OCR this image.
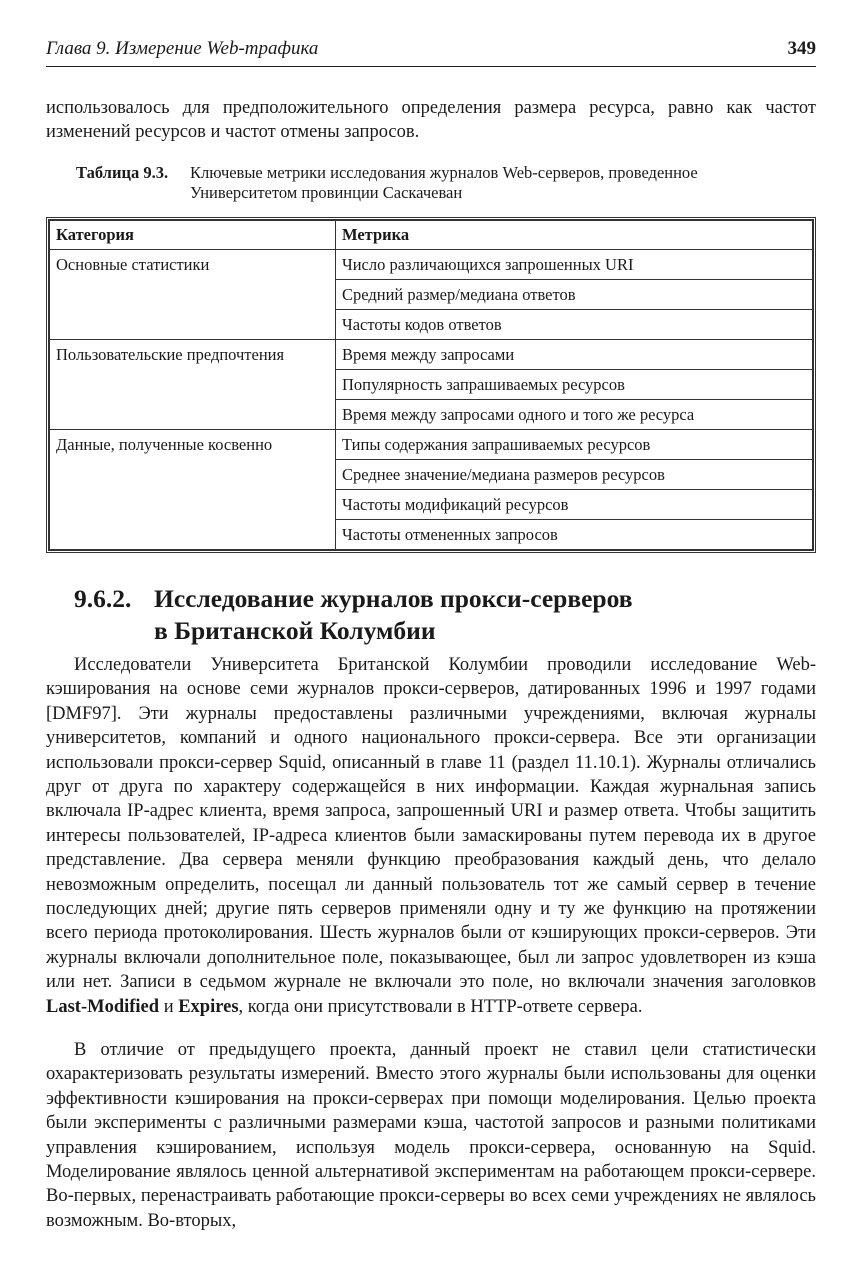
Глава 9. Измерение Web-трафика	349
использовалось для предположительного определения размера ресурса, равно как частот изменений ресурсов и частот отмены запросов.
Таблица 9.3. Ключевые метрики исследования журналов Web-серверов, проведенное Университетом провинции Саскачеван
Категория	Метрика
Основные статистики	Число различающихся запрошенных URI
	Средний размер/медиана ответов
	Частоты кодов ответов
Пользовательские предпочтения	Время между запросами
	Популярность запрашиваемых ресурсов
	Время между запросами одного и того же ресурса
Данные, полученные косвенно	Типы содержания запрашиваемых ресурсов
	Среднее значение/медиана размеров ресурсов
	Частоты модификаций ресурсов
	Частоты отмененных запросов
9.6.2. Исследование журналов прокси-серверов
в Британской Колумбии
Исследователи Университета Британской Колумбии проводили исследование Web-кэширования на основе семи журналов прокси-серверов, датированных 1996 и 1997 годами [DMF97]. Эти журналы предоставлены различными учреждениями, включая журналы университетов, компаний и одного национального прокси-сервера. Все эти организации использовали прокси-сервер Squid, описанный в главе 11 (раздел 11.10.1). Журналы отличались друг от друга по характеру содержащейся в них информации. Каждая журнальная запись включала IP-адрес клиента, время запроса, запрошенный URI и размер ответа. Чтобы защитить интересы пользователей, IP-адреса клиентов были замаскированы путем перевода их в другое представление. Два сервера меняли функцию преобразования каждый день, что делало невозможным определить, посещал ли данный пользователь тот же самый сервер в течение последующих дней; другие пять серверов применяли одну и ту же функцию на протяжении всего периода протоколирования. Шесть журналов были от кэширующих прокси-серверов. Эти журналы включали дополнительное поле, показывающее, был ли запрос удовлетворен из кэша или нет. Записи в седьмом журнале не включали это поле, но включали значения заголовков Last-Modified и Expires, когда они присутствовали в HTTP-ответе сервера.
В отличие от предыдущего проекта, данный проект не ставил цели статистически охарактеризовать результаты измерений. Вместо этого журналы были использованы для оценки эффективности кэширования на прокси-серверах при помощи моделирования. Целью проекта были эксперименты с различными размерами кэша, частотой запросов и разными политиками управления кэшированием, используя модель прокси-сервера, основанную на Squid. Моделирование являлось ценной альтернативой экспериментам на работающем прокси-сервере. Во-первых, перенастраивать работающие прокси-серверы во всех семи учреждениях не являлось возможным. Во-вторых,
